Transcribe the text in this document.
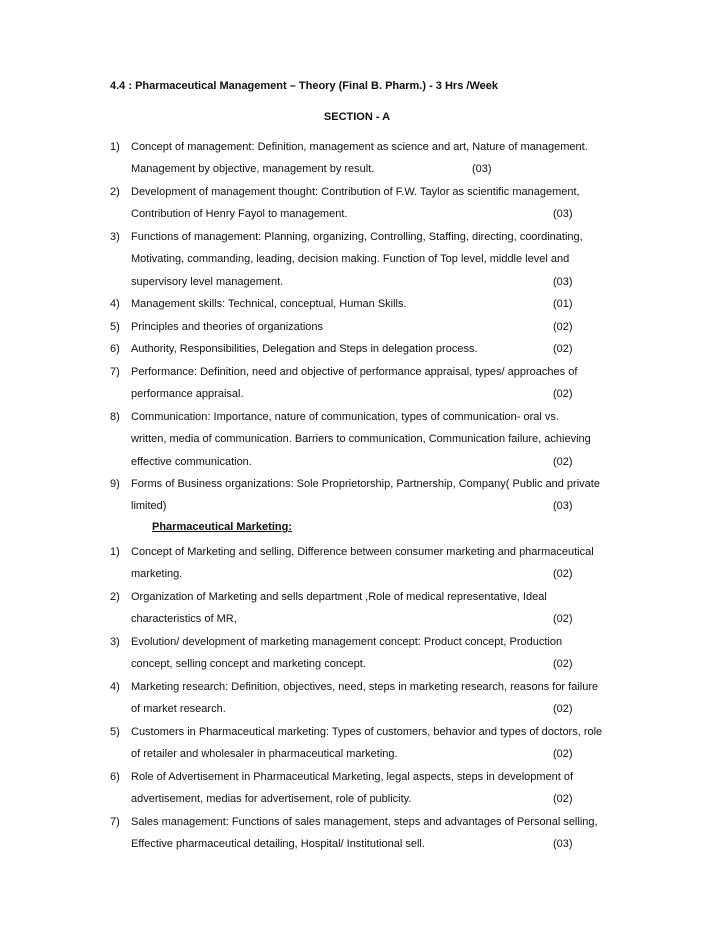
4.4 : Pharmaceutical Management – Theory (Final B. Pharm.) - 3 Hrs /Week
SECTION - A
1) Concept of management: Definition, management as science and art, Nature of management.
Management by objective, management by result.	(03)
2) Development of management thought: Contribution of F.W. Taylor as scientific management,
Contribution of Henry Fayol to management.	(03)
3) Functions of management: Planning, organizing, Controlling, Staffing, directing, coordinating,
Motivating, commanding, leading, decision making. Function of Top level, middle level and
supervisory level management.	(03)
4) Management skills: Technical, conceptual, Human Skills.	(01)
5) Principles and theories of organizations	(02)
6) Authority, Responsibilities, Delegation and Steps in delegation process.	(02)
7) Performance: Definition, need and objective of performance appraisal, types/ approaches of
performance appraisal.	(02)
8) Communication: Importance, nature of communication, types of communication- oral vs.
written, media of communication. Barriers to communication, Communication failure, achieving
effective communication.	(02)
9) Forms of Business organizations: Sole Proprietorship, Partnership, Company( Public and private
limited)	(03)
Pharmaceutical Marketing:
1) Concept of Marketing and selling, Difference between consumer marketing and pharmaceutical
marketing.	(02)
2) Organization of Marketing and sells department ,Role of medical representative, Ideal
characteristics of MR,	(02)
3) Evolution/ development of marketing management concept: Product concept, Production
concept, selling concept and marketing concept.	(02)
4) Marketing research: Definition, objectives, need, steps in marketing research, reasons for failure
of market research.	(02)
5) Customers in Pharmaceutical marketing: Types of customers, behavior and types of doctors, role
of retailer and wholesaler in pharmaceutical marketing.	(02)
6) Role of Advertisement in Pharmaceutical Marketing, legal aspects, steps in development of
advertisement, medias for advertisement, role of publicity.	(02)
7) Sales management: Functions of sales management, steps and advantages of Personal selling,
Effective pharmaceutical detailing, Hospital/ Institutional sell.	(03)
